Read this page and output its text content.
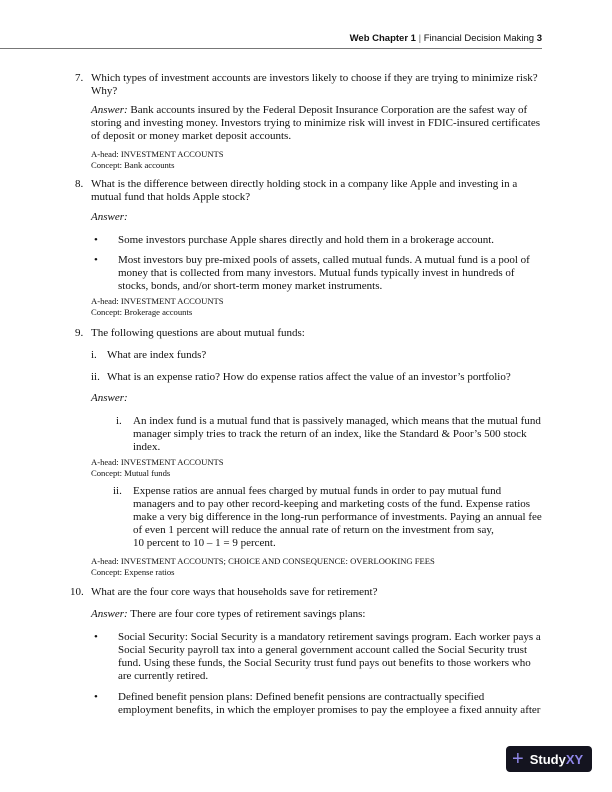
Web Chapter 1 | Financial Decision Making 3
7. Which types of investment accounts are investors likely to choose if they are trying to minimize risk?
Why?
Answer: Bank accounts insured by the Federal Deposit Insurance Corporation are the safest way of
storing and investing money. Investors trying to minimize risk will invest in FDIC-insured certificates
of deposit or money market deposit accounts.
A-head: INVESTMENT ACCOUNTS
Concept: Bank accounts
8. What is the difference between directly holding stock in a company like Apple and investing in a
mutual fund that holds Apple stock?
Answer:
• Some investors purchase Apple shares directly and hold them in a brokerage account.
• Most investors buy pre-mixed pools of assets, called mutual funds. A mutual fund is a pool of
money that is collected from many investors. Mutual funds typically invest in hundreds of
stocks, bonds, and/or short-term money market instruments.
A-head: INVESTMENT ACCOUNTS
Concept: Brokerage accounts
9. The following questions are about mutual funds:
i. What are index funds?
ii. What is an expense ratio? How do expense ratios affect the value of an investor’s portfolio?
Answer:
i. An index fund is a mutual fund that is passively managed, which means that the mutual fund
manager simply tries to track the return of an index, like the Standard & Poor’s 500 stock
index.
A-head: INVESTMENT ACCOUNTS
Concept: Mutual funds
ii. Expense ratios are annual fees charged by mutual funds in order to pay mutual fund
managers and to pay other record-keeping and marketing costs of the fund. Expense ratios
make a very big difference in the long-run performance of investments. Paying an annual fee
of even 1 percent will reduce the annual rate of return on the investment from say,
10 percent to 10 – 1 = 9 percent.
A-head: INVESTMENT ACCOUNTS; CHOICE AND CONSEQUENCE: OVERLOOKING FEES
Concept: Expense ratios
10. What are the four core ways that households save for retirement?
Answer: There are four core types of retirement savings plans:
• Social Security: Social Security is a mandatory retirement savings program. Each worker pays a
Social Security payroll tax into a general government account called the Social Security trust
fund. Using these funds, the Social Security trust fund pays out benefits to those workers who
are currently retired.
• Defined benefit pension plans: Defined benefit pensions are contractually specified
employment benefits, in which the employer promises to pay the employee a fixed annuity after
+ Study XY
